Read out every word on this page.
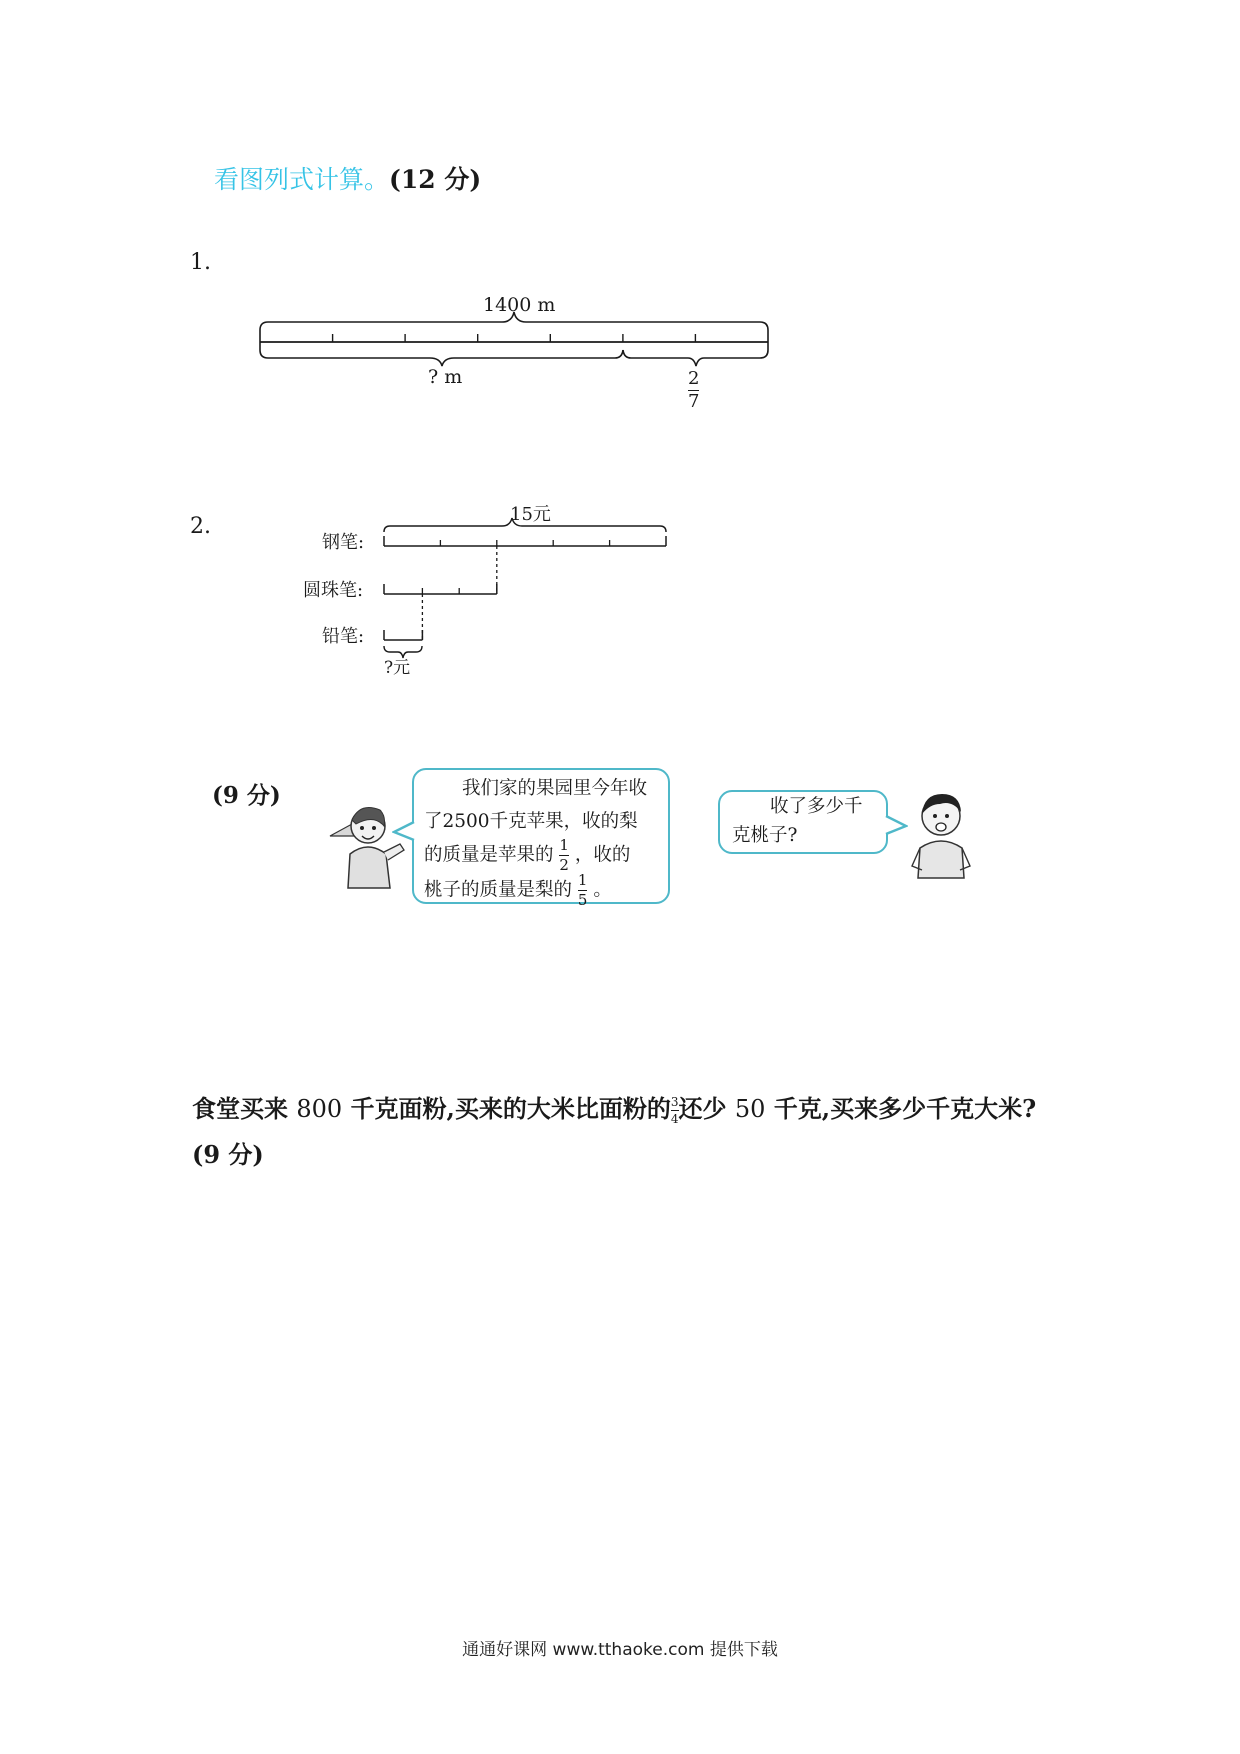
看图列式计算。(12 分)
1.
1400 m
? m	2
7
2.	15元
钢笔:
圆珠笔:
铅笔:
?元
(9 分)	我们家的果园里今年收
了2500千克苹果，收的梨
的质量是苹果的 $\frac{1}{2}$ ，收的
桃子的质量是梨的 $\frac{1}{5}$ 。
收了多少千
克桃子?
食堂买来 800 千克面粉,买来的大米比面粉的 $\frac{3}{4}$ 还少 50 千克,买来多少千克大米?(9 分)
通通好课网 www.tthaoke.com 提供下载
